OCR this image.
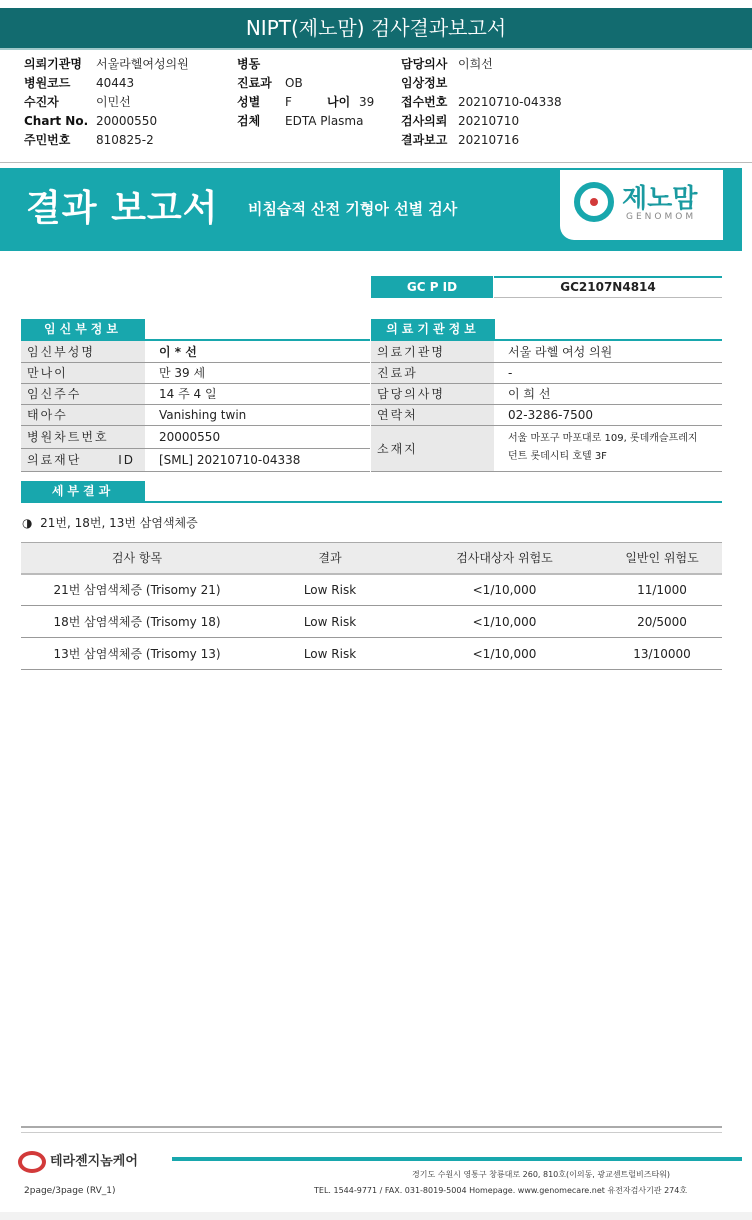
NIPT(제노맘) 검사결과보고서
의뢰기관명 서울라헬여성의원
병원코드 40443
수진자	이민선
Chart No. 20000550
주민번호 810825-2
병동
진료과 OB
성별 F	나이 39
검체 EDTA Plasma
담당의사 이희선
임상정보
접수번호 20210710-04338
검사의뢰 20210710
결과보고 20210716
결과 보고서 비침습적 산전 기형아 선별 검사	제노맘
GENOMOM
GC P ID	GC2107N4814
임신부정보
임신부성명	이 * 선
만나이	만 39 세
임신주수	14 주 4 일
태아수	Vanishing twin
병원차트번호	20000550
의료재단 ID	[SML] 20210710-04338
의료기관정보
의료기관명	서울 라헬 여성 의원
진료과	-
담당의사명	이 희 선
연락처	02-3286-7500
소재지	서울 마포구 마포대로 109, 롯데캐슬프레지
던트 롯데시티 호텔 3F
세부결과
◑ 21번, 18번, 13번 삼염색체증
검사 항목	결과	검사대상자 위험도	일반인 위험도
21번 삼염색체증 (Trisomy 21)	Low Risk	<1/10,000	11/1000
18번 삼염색체증 (Trisomy 18)	Low Risk	<1/10,000	20/5000
13번 삼염색체증 (Trisomy 13)	Low Risk	<1/10,000	13/10000
테라젠지놈케어
경기도 수원시 영통구 창룡대로 260, 810호(이의동, 광교센트럴비즈타워)
TEL. 1544-9771 / FAX. 031-8019-5004 Homepage. www.genomecare.net 유전자검사기관 274호
2page/3page (RV_1)
